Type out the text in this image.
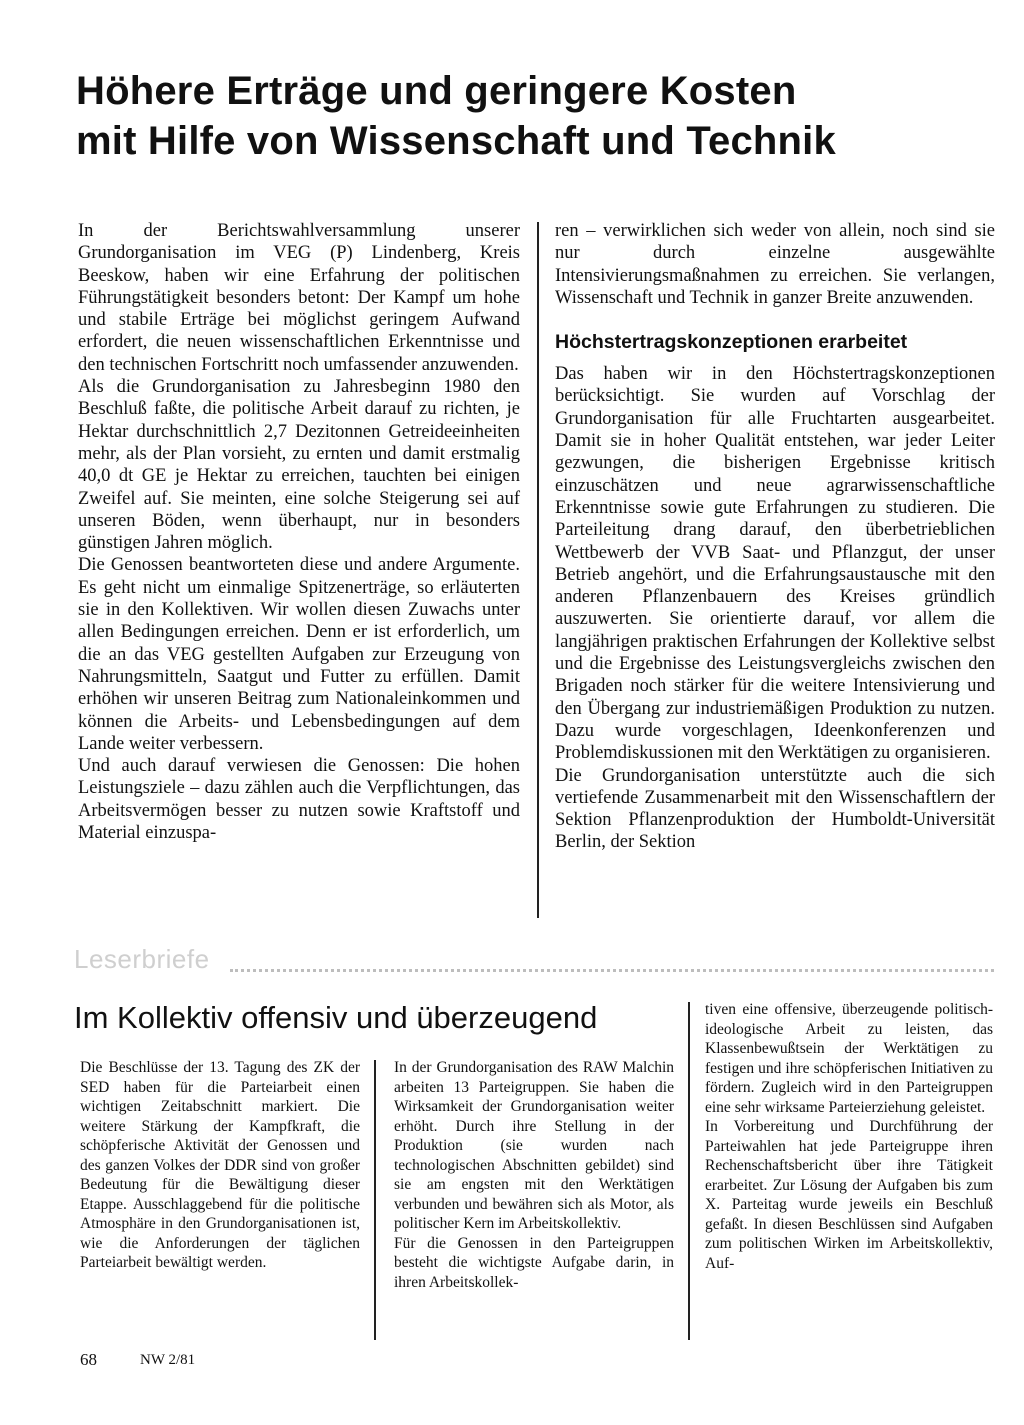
Höhere Erträge und geringere Kosten
mit Hilfe von Wissenschaft und Technik

In der Berichtswahlversammlung unserer Grundorganisation im VEG (P) Lindenberg, Kreis Beeskow, haben wir eine Erfahrung der politischen Führungstätigkeit besonders betont: Der Kampf um hohe und stabile Erträge bei möglichst geringem Aufwand erfordert, die neuen wissenschaftlichen Erkenntnisse und den technischen Fortschritt noch umfassender anzuwenden.

Als die Grundorganisation zu Jahresbeginn 1980 den Beschluß faßte, die politische Arbeit darauf zu richten, je Hektar durchschnittlich 2,7 Dezitonnen Getreideeinheiten mehr, als der Plan vorsieht, zu ernten und damit erstmalig 40,0 dt GE je Hektar zu erreichen, tauchten bei einigen Zweifel auf. Sie meinten, eine solche Steigerung sei auf unseren Böden, wenn überhaupt, nur in besonders günstigen Jahren möglich.

Die Genossen beantworteten diese und andere Argumente. Es geht nicht um einmalige Spitzenerträge, so erläuterten sie in den Kollektiven. Wir wollen diesen Zuwachs unter allen Bedingungen erreichen. Denn er ist erforderlich, um die an das VEG gestellten Aufgaben zur Erzeugung von Nahrungsmitteln, Saatgut und Futter zu erfüllen. Damit erhöhen wir unseren Beitrag zum Nationaleinkommen und können die Arbeits- und Lebensbedingungen auf dem Lande weiter verbessern.

Und auch darauf verwiesen die Genossen: Die hohen Leistungsziele – dazu zählen auch die Verpflichtungen, das Arbeitsvermögen besser zu nutzen sowie Kraftstoff und Material einzuspa-

ren – verwirklichen sich weder von allein, noch sind sie nur durch einzelne ausgewählte Intensivierungsmaßnahmen zu erreichen. Sie verlangen, Wissenschaft und Technik in ganzer Breite anzuwenden.

Höchstertragskonzeptionen erarbeitet

Das haben wir in den Höchstertragskonzeptionen berücksichtigt. Sie wurden auf Vorschlag der Grundorganisation für alle Fruchtarten ausgearbeitet. Damit sie in hoher Qualität entstehen, war jeder Leiter gezwungen, die bisherigen Ergebnisse kritisch einzuschätzen und neue agrarwissenschaftliche Erkenntnisse sowie gute Erfahrungen zu studieren. Die Parteileitung drang darauf, den überbetrieblichen Wettbewerb der VVB Saat- und Pflanzgut, der unser Betrieb angehört, und die Erfahrungsaustausche mit den anderen Pflanzenbauern des Kreises gründlich auszuwerten. Sie orientierte darauf, vor allem die langjährigen praktischen Erfahrungen der Kollektive selbst und die Ergebnisse des Leistungsvergleichs zwischen den Brigaden noch stärker für die weitere Intensivierung und den Übergang zur industriemäßigen Produktion zu nutzen. Dazu wurde vorgeschlagen, Ideenkonferenzen und Problemdiskussionen mit den Werktätigen zu organisieren.

Die Grundorganisation unterstützte auch die sich vertiefende Zusammenarbeit mit den Wissenschaftlern der Sektion Pflanzenproduktion der Humboldt-Universität Berlin, der Sektion

Leserbriefe
Im Kollektiv offensiv und überzeugend

Die Beschlüsse der 13. Tagung des ZK der SED haben für die Parteiarbeit einen wichtigen Zeitabschnitt markiert. Die weitere Stärkung der Kampfkraft, die schöpferische Aktivität der Genossen und des ganzen Volkes der DDR sind von großer Bedeutung für die Bewältigung dieser Etappe. Ausschlaggebend für die politische Atmosphäre in den Grundorganisationen ist, wie die Anforderungen der täglichen Parteiarbeit bewältigt werden.

In der Grundorganisation des RAW Malchin arbeiten 13 Parteigruppen. Sie haben die Wirksamkeit der Grundorganisation weiter erhöht. Durch ihre Stellung in der Produktion (sie wurden nach technologischen Abschnitten gebildet) sind sie am engsten mit den Werktätigen verbunden und bewähren sich als Motor, als politischer Kern im Arbeitskollektiv.

Für die Genossen in den Parteigruppen besteht die wichtigste Aufgabe darin, in ihren Arbeitskollek-

tiven eine offensive, überzeugende politisch-ideologische Arbeit zu leisten, das Klassenbewußtsein der Werktätigen zu festigen und ihre schöpferischen Initiativen zu fördern. Zugleich wird in den Parteigruppen eine sehr wirksame Parteierziehung geleistet.

In Vorbereitung und Durchführung der Parteiwahlen hat jede Parteigruppe ihren Rechenschaftsbericht über ihre Tätigkeit erarbeitet. Zur Lösung der Aufgaben bis zum X. Parteitag wurde jeweils ein Beschluß gefaßt. In diesen Beschlüssen sind Aufgaben zum politischen Wirken im Arbeitskollektiv, Auf-

68	NW 2/81
